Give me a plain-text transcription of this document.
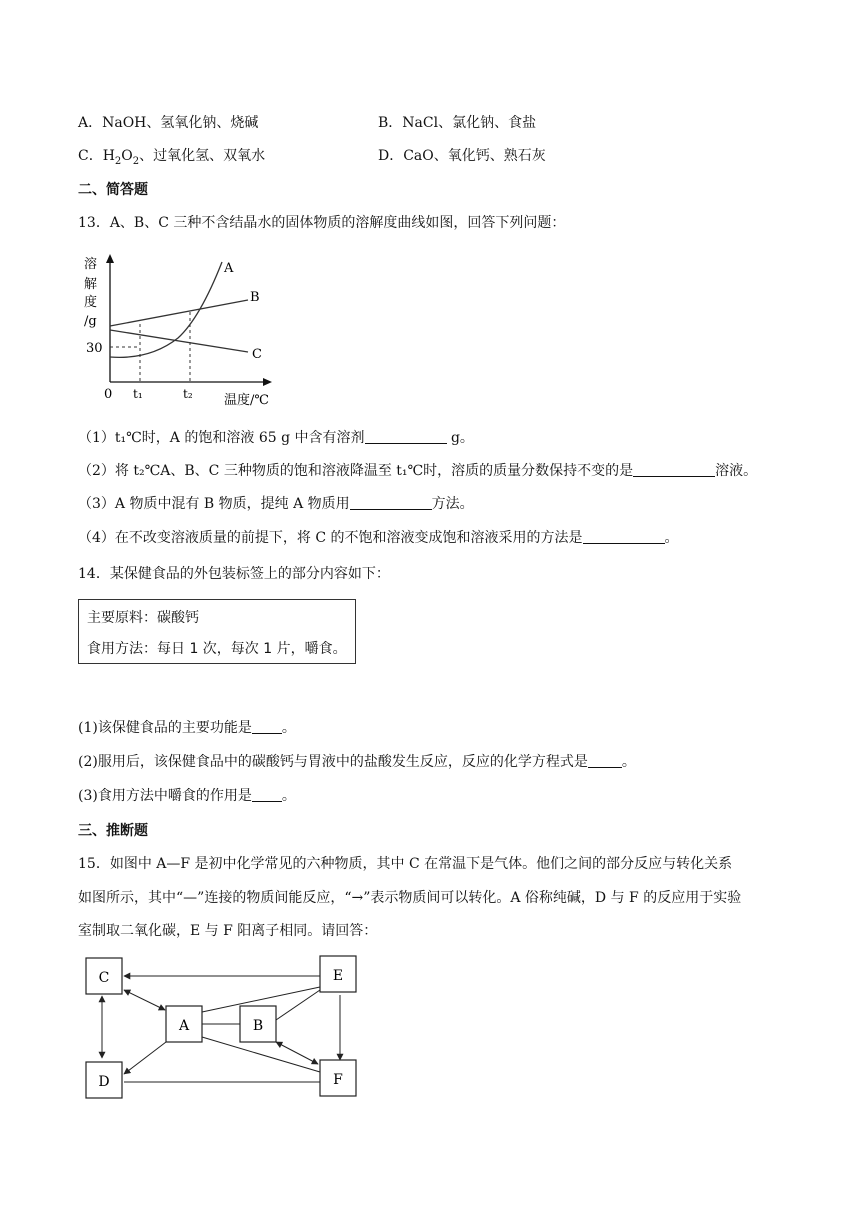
A．NaOH、氢氧化钠、烧碱	B．NaCl、氯化钠、食盐
C．$H_2O_2$、过氧化氢、双氧水	D．CaO、氧化钙、熟石灰
二、简答题
13．A、B、C 三种不含结晶水的固体物质的溶解度曲线如图，回答下列问题：
溶
解
度
/g
A
B
C
30
0 t₁	t₂ 温度/℃
（1）t₁℃时，A 的饱和溶液 65 g 中含有溶剂	g。
（2）将 t₂℃A、B、C 三种物质的饱和溶液降温至 t₁℃时，溶质的质量分数保持不变的是	溶液。
（3）A 物质中混有 B 物质，提纯 A 物质用	方法。
（4）在不改变溶液质量的前提下，将 C 的不饱和溶液变成饱和溶液采用的方法是	。
14．某保健食品的外包装标签上的部分内容如下：
主要原料：碳酸钙
食用方法：每日 1 次，每次 1 片，嚼食。
(1)该保健食品的主要功能是 。
(2)服用后，该保健食品中的碳酸钙与胃液中的盐酸发生反应，反应的化学方程式是 。
(3)食用方法中嚼食的作用是 。
三、推断题
15．如图中 A—F 是初中化学常见的六种物质，其中 C 在常温下是气体。他们之间的部分反应与转化关系
如图所示，其中“—”连接的物质间能反应，“→”表示物质间可以转化。A 俗称纯碱，D 与 F 的反应用于实验
室制取二氧化碳，E 与 F 阳离子相同。请回答：
C	E
A	B
D	F
